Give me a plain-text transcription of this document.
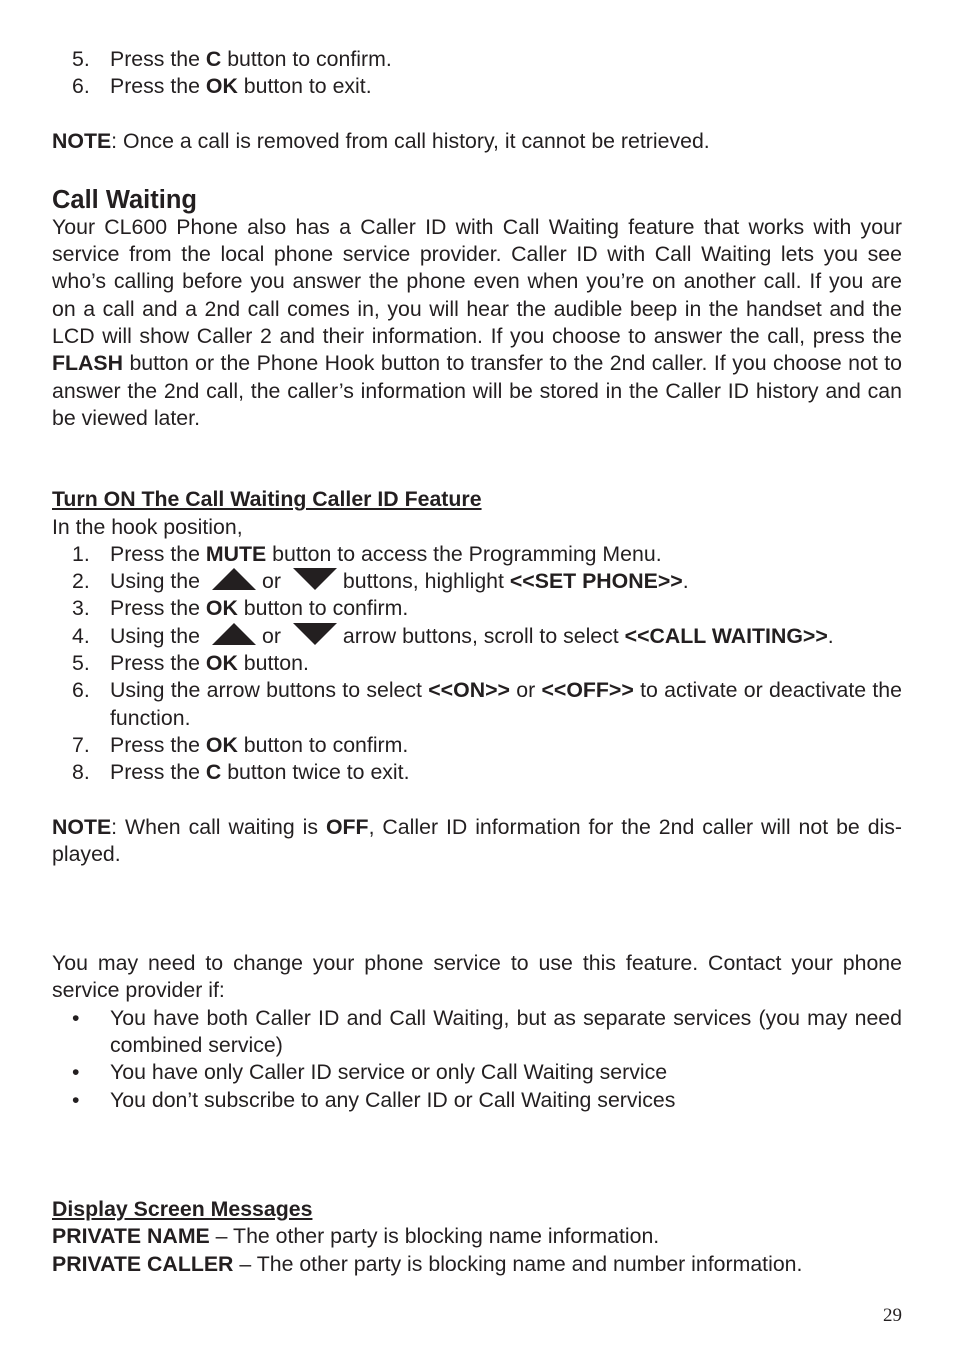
5. Press the C button to confirm.
6. Press the OK button to exit.

NOTE: Once a call is removed from call history, it cannot be retrieved.

Call Waiting

Your CL600 Phone also has a Caller ID with Call Waiting feature that works with your service from the local phone service provider. Caller ID with Call Waiting lets you see who’s calling before you answer the phone even when you’re on another call. If you are on a call and a 2nd call comes in, you will hear the audible beep in the handset and the LCD will show Caller 2 and their information. If you choose to answer the call, press the FLASH button or the Phone Hook button to transfer to the 2nd caller. If you choose not to answer the 2nd call, the caller’s information will be stored in the Caller ID history and can be viewed later.

Turn ON The Call Waiting Caller ID Feature

In the hook position,

1. Press the MUTE button to access the Programming Menu.
2. Using the	or	buttons, highlight <<SET PHONE>>.
3. Press the OK button to confirm.
4. Using the	or	arrow buttons, scroll to select <<CALL WAITING>>.
5. Press the OK button.
6. Using the arrow buttons to select <<ON>> or <<OFF>> to activate or deactivate the function.
7. Press the OK button to confirm.
8. Press the C button twice to exit.

NOTE: When call waiting is OFF, Caller ID information for the 2nd caller will not be dis-played.

You may need to change your phone service to use this feature. Contact your phone service provider if:

• You have both Caller ID and Call Waiting, but as separate services (you may need combined service)
• You have only Caller ID service or only Call Waiting service
• You don’t subscribe to any Caller ID or Call Waiting services

Display Screen Messages

PRIVATE NAME – The other party is blocking name information.

PRIVATE CALLER – The other party is blocking name and number information.

29
